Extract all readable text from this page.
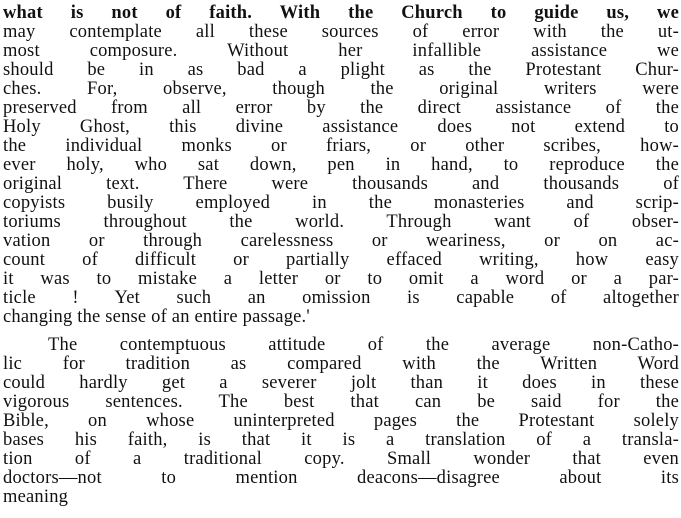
what is not of faith. With the Church to guide us, we
may contemplate all these sources of error with the ut-
most composure. Without her infallible assistance we
should be in as bad a plight as the Protestant Chur-
ches. For, observe, though the original writers were
preserved from all error by the direct assistance of the
Holy Ghost, this divine assistance does not extend to
the individual monks or friars, or other scribes, how-
ever holy, who sat down, pen in hand, to reproduce the
original text. There were thousands and thousands of
copyists busily employed in the monasteries and scrip-
toriums throughout the world. Through want of obser-
vation or through carelessness or weariness, or on ac-
count of difficult or partially effaced writing, how easy
it was to mistake a letter or to omit a word or a par-
ticle ! Yet such an omission is capable of altogether
changing the sense of an entire passage.'
The contemptuous attitude of the average non-Catho-
lic for tradition as compared with the Written Word
could hardly get a severer jolt than it does in these
vigorous sentences. The best that can be said for the
Bible, on whose uninterpreted pages the Protestant solely
bases his faith, is that it is a translation of a transla-
tion of a traditional copy. Small wonder that even
doctors—not to mention deacons—disagree about its
meaning
